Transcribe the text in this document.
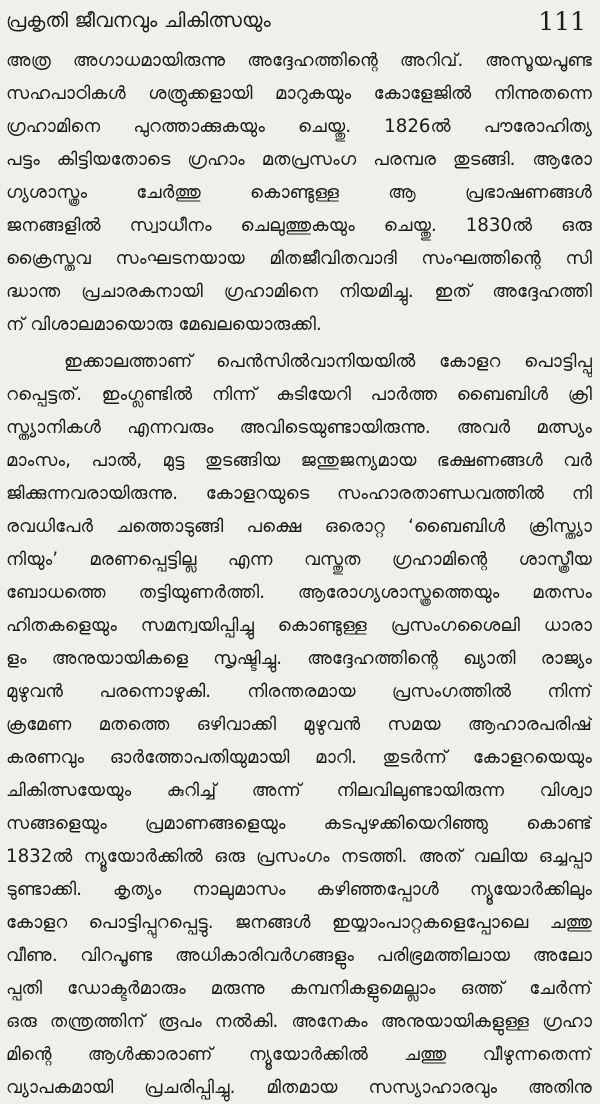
പ്രകൃതി ജീവനവും ചികിത്സയും	111
അത്ര അഗാധമായിരുന്നു അദ്ദേഹത്തിന്റെ അറിവ്. അസൂയപൂണ്ട
സഹപാഠികൾ ശത്രുക്കളായി മാറുകയും കോളേജിൽ നിന്നുതന്നെ
ഗ്രഹാമിനെ പുറത്താക്കുകയും ചെയ്തു. 1826ൽ പൗരോഹിത്യ
പട്ടം കിട്ടിയതോടെ ഗ്രഹാം മതപ്രസംഗ പരമ്പര തുടങ്ങി. ആരോ
ഗ്യശാസ്ത്രം ചേർത്തു കൊണ്ടുള്ള ആ പ്രഭാഷണങ്ങൾ
ജനങ്ങളിൽ സ്വാധീനം ചെലുത്തുകയും ചെയ്തു. 1830ൽ ഒരു
ക്രൈസ്തവ സംഘടനയായ മിതജീവിതവാദി സംഘത്തിന്റെ സി
ദ്ധാന്ത പ്രചാരകനായി ഗ്രഹാമിനെ നിയമിച്ചു. ഇത് അദ്ദേഹത്തി
ന് വിശാലമായൊരു മേഖലയൊരുക്കി.
ഇക്കാലത്താണ് പെൻസിൽവാനിയയിൽ കോളറ പൊട്ടിപ്പു
റപ്പെട്ടത്. ഇംഗ്ലണ്ടിൽ നിന്ന് കുടിയേറി പാർത്ത ബൈബിൾ ക്രി
സ്ത്യാനികൾ എന്നവരും അവിടെയുണ്ടായിരുന്നു. അവർ മത്സ്യം
മാംസം, പാൽ, മുട്ട തുടങ്ങിയ ജന്തുജന്യമായ ഭക്ഷണങ്ങൾ വർ
ജിക്കുന്നവരായിരുന്നു. കോളറയുടെ സംഹാരതാണ്ഡവത്തിൽ നി
രവധിപേർ ചത്തൊടുങ്ങി പക്ഷെ ഒരൊറ്റ ‘ബൈബിൾ ക്രിസ്ത്യാ
നിയും’ മരണപ്പെട്ടില്ല എന്ന വസ്തുത ഗ്രഹാമിന്റെ ശാസ്ത്രീയ
ബോധത്തെ തട്ടിയുണർത്തി. ആരോഗ്യശാസ്ത്രത്തെയും മതസം
ഹിതകളെയും സമന്വയിപ്പിച്ചു കൊണ്ടുള്ള പ്രസംഗശൈലി ധാരാ
ളം അനുയായികളെ സൃഷ്ടിച്ചു. അദ്ദേഹത്തിന്റെ ഖ്യാതി രാജ്യം
മുഴുവൻ പരന്നൊഴുകി. നിരന്തരമായ പ്രസംഗത്തിൽ നിന്ന്
ക്രമേണ മതത്തെ ഒഴിവാക്കി മുഴുവൻ സമയ ആഹാരപരിഷ്
കരണവും ഓർത്തോപതിയുമായി മാറി. തുടർന്ന് കോളറയെയും
ചികിത്സയേയും കുറിച്ച് അന്ന് നിലവിലുണ്ടായിരുന്ന വിശ്വാ
സങ്ങളെയും പ്രമാണങ്ങളെയും കടപുഴക്കിയെറിഞ്ഞു കൊണ്ട്
1832ൽ ന്യൂയോർക്കിൽ ഒരു പ്രസംഗം നടത്തി. അത് വലിയ ഒച്ചപ്പാ
ടുണ്ടാക്കി. കൃത്യം നാലുമാസം കഴിഞ്ഞപ്പോൾ ന്യൂയോർക്കിലും
കോളറ പൊട്ടിപ്പുറപ്പെട്ടു. ജനങ്ങൾ ഇയ്യാംപാറ്റകളെപ്പോലെ ചത്തു
വീണു. വിറപൂണ്ട അധികാരിവർഗങ്ങളും പരിഭ്രമത്തിലായ അലോ
പ്പതി ഡോക്ടർമാരും മരുന്നു കമ്പനികളുമെല്ലാം ഒത്ത് ചേർന്ന്
ഒരു തന്ത്രത്തിന് രൂപം നൽകി. അനേകം അനുയായികളുള്ള ഗ്രഹാ
മിന്റെ ആൾക്കാരാണ് ന്യൂയോർക്കിൽ ചത്തു വീഴുന്നതെന്ന്
വ്യാപകമായി പ്രചരിപ്പിച്ചു. മിതമായ സസ്യാഹാരവും അതിനു
